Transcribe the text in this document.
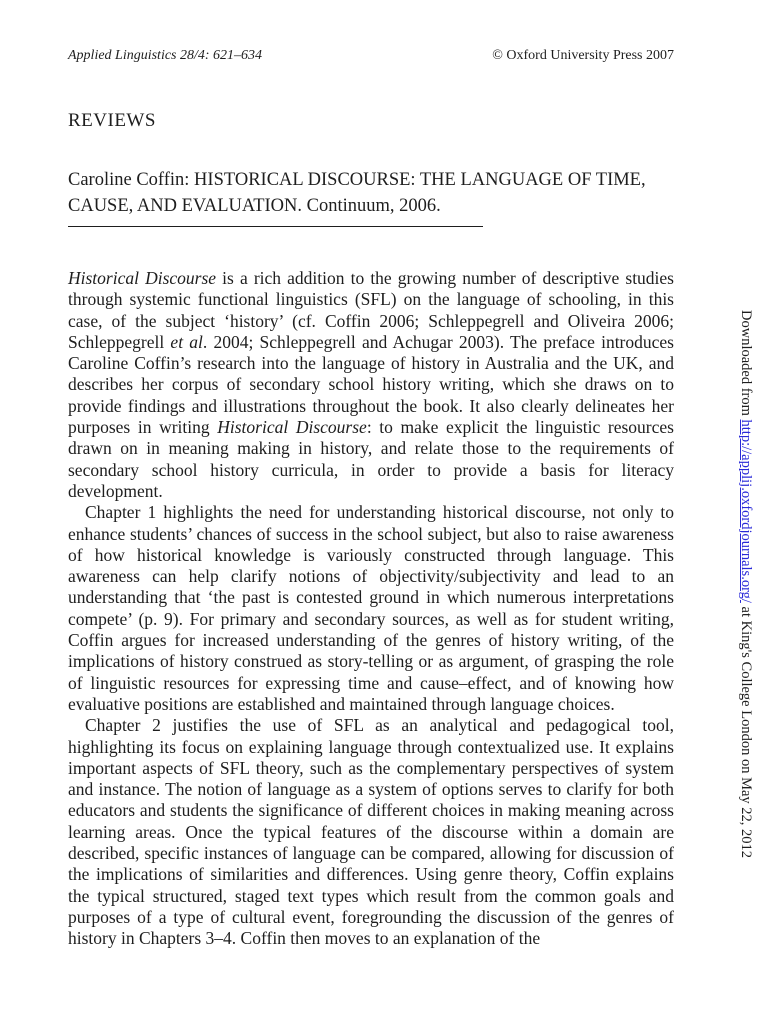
Applied Linguistics 28/4: 621–634	© Oxford University Press 2007
REVIEWS
Caroline Coffin: HISTORICAL DISCOURSE: THE LANGUAGE OF TIME,
CAUSE, AND EVALUATION. Continuum, 2006.

Historical Discourse is a rich addition to the growing number of descriptive studies through systemic functional linguistics (SFL) on the language of schooling, in this case, of the subject ‘history’ (cf. Coffin 2006; Schleppegrell and Oliveira 2006; Schleppegrell et al. 2004; Schleppegrell and Achugar 2003). The preface introduces Caroline Coffin’s research into the language of history in Australia and the UK, and describes her corpus of secondary school history writing, which she draws on to provide findings and illustrations throughout the book. It also clearly delineates her purposes in writing Historical Discourse: to make explicit the linguistic resources drawn on in meaning making in history, and relate those to the requirements of secondary school history curricula, in order to provide a basis for literacy development.

Chapter 1 highlights the need for understanding historical discourse, not only to enhance students’ chances of success in the school subject, but also to raise awareness of how historical knowledge is variously constructed through language. This awareness can help clarify notions of objectivity/subjectivity and lead to an understanding that ‘the past is contested ground in which numerous interpretations compete’ (p. 9). For primary and secondary sources, as well as for student writing, Coffin argues for increased understanding of the genres of history writing, of the implications of history construed as story-telling or as argument, of grasping the role of linguistic resources for expressing time and cause–effect, and of knowing how evaluative positions are established and maintained through language choices.

Chapter 2 justifies the use of SFL as an analytical and pedagogical tool, highlighting its focus on explaining language through contextualized use. It explains important aspects of SFL theory, such as the complementary perspectives of system and instance. The notion of language as a system of options serves to clarify for both educators and students the significance of different choices in making meaning across learning areas. Once the typical features of the discourse within a domain are described, specific instances of language can be compared, allowing for discussion of the implications of similarities and differences. Using genre theory, Coffin explains the typical structured, staged text types which result from the common goals and purposes of a type of cultural event, foregrounding the discussion of the genres of history in Chapters 3–4. Coffin then moves to an explanation of the

Downloaded from http://applij.oxfordjournals.org/ at King's College London on May 22, 2012
